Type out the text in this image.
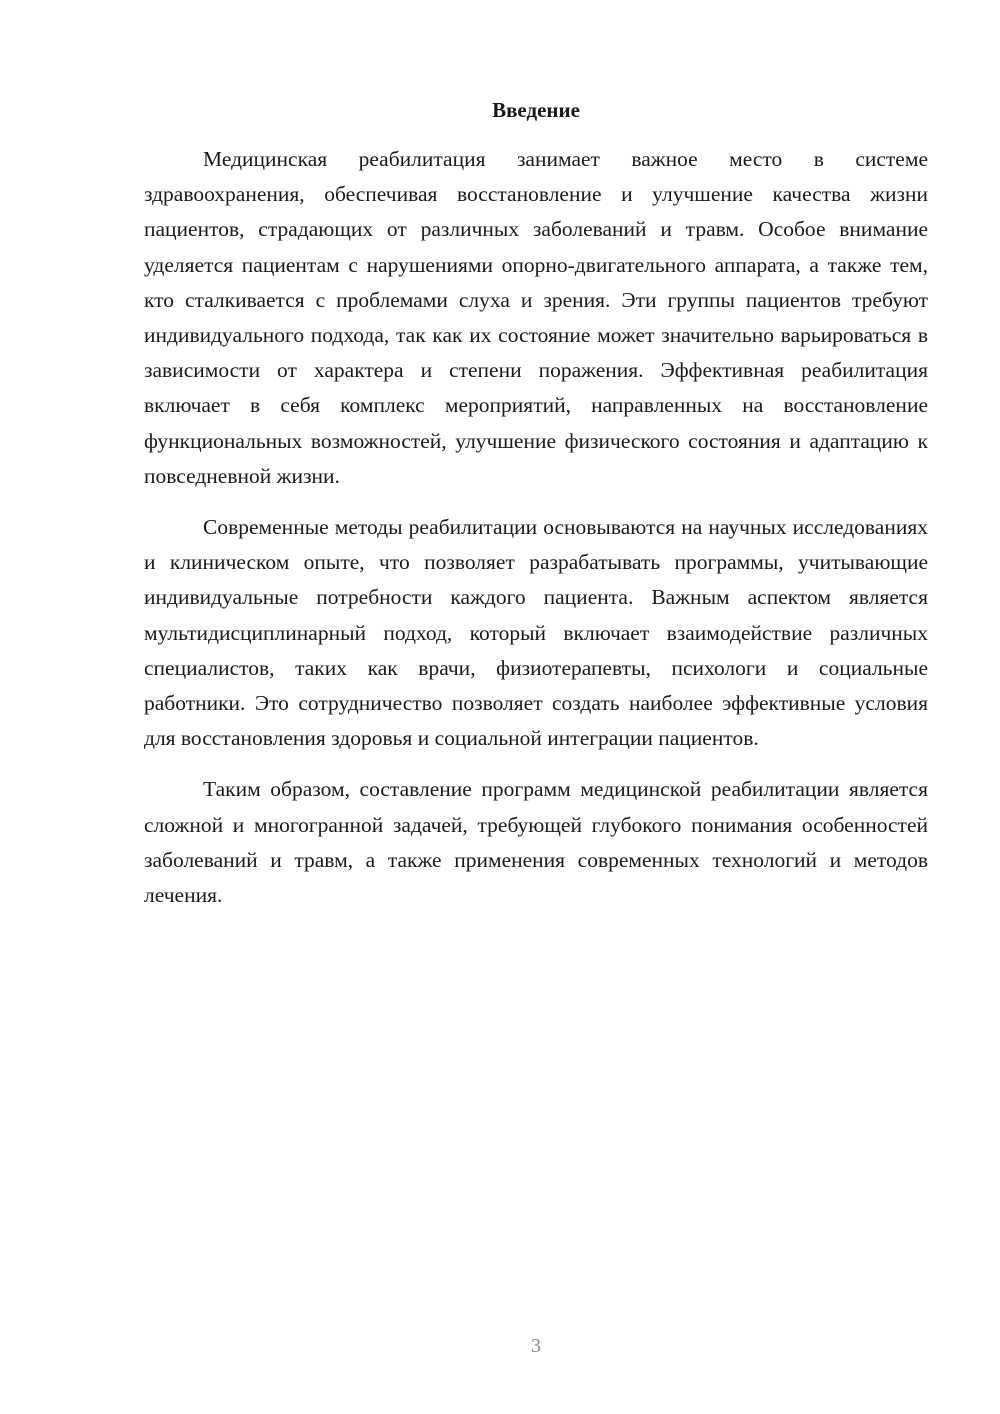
Введение

Медицинская реабилитация занимает важное место в системе здравоохранения, обеспечивая восстановление и улучшение качества жизни пациентов, страдающих от различных заболеваний и травм. Особое внимание уделяется пациентам с нарушениями опорно-двигательного аппарата, а также тем, кто сталкивается с проблемами слуха и зрения. Эти группы пациентов требуют индивидуального подхода, так как их состояние может значительно варьироваться в зависимости от характера и степени поражения. Эффективная реабилитация включает в себя комплекс мероприятий, направленных на восстановление функциональных возможностей, улучшение физического состояния и адаптацию к повседневной жизни.

Современные методы реабилитации основываются на научных исследованиях и клиническом опыте, что позволяет разрабатывать программы, учитывающие индивидуальные потребности каждого пациента. Важным аспектом является мультидисциплинарный подход, который включает взаимодействие различных специалистов, таких как врачи, физиотерапевты, психологи и социальные работники. Это сотрудничество позволяет создать наиболее эффективные условия для восстановления здоровья и социальной интеграции пациентов.

Таким образом, составление программ медицинской реабилитации является сложной и многогранной задачей, требующей глубокого понимания особенностей заболеваний и травм, а также применения современных технологий и методов лечения.

3
